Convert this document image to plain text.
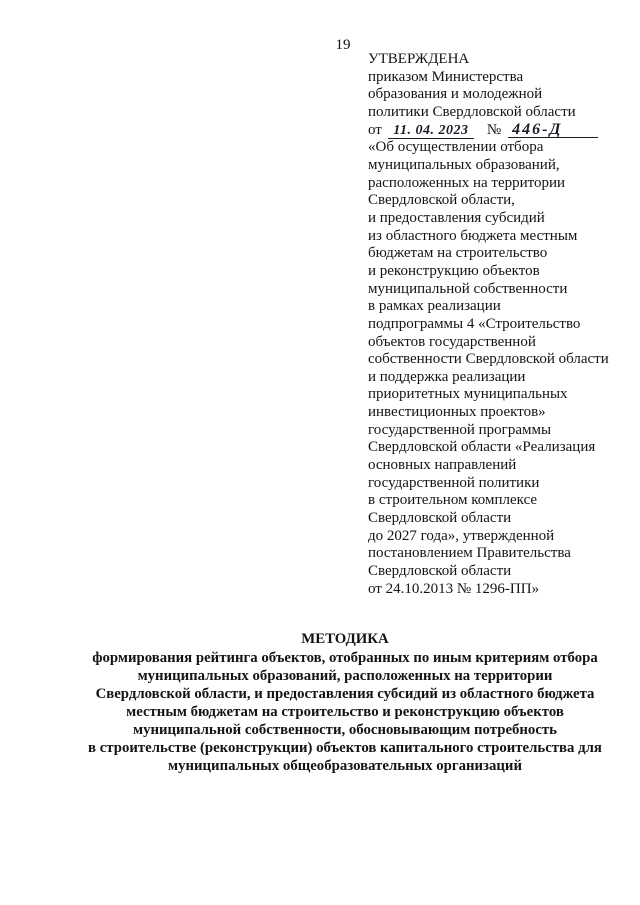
19
УТВЕРЖДЕНА
приказом Министерства
образования и молодежной
политики Свердловской области
от 11. 04. 2023 № 446-Д
«Об осуществлении отбора
муниципальных образований,
расположенных на территории
Свердловской области,
и предоставления субсидий
из областного бюджета местным
бюджетам на строительство
и реконструкцию объектов
муниципальной собственности
в рамках реализации
подпрограммы 4 «Строительство
объектов государственной
собственности Свердловской области
и поддержка реализации
приоритетных муниципальных
инвестиционных проектов»
государственной программы
Свердловской области «Реализация
основных направлений
государственной политики
в строительном комплексе
Свердловской области
до 2027 года», утвержденной
постановлением Правительства
Свердловской области
от 24.10.2013 № 1296-ПП»
МЕТОДИКА
формирования рейтинга объектов, отобранных по иным критериям отбора
муниципальных образований, расположенных на территории
Свердловской области, и предоставления субсидий из областного бюджета
местным бюджетам на строительство и реконструкцию объектов
муниципальной собственности, обосновывающим потребность
в строительстве (реконструкции) объектов капитального строительства для
муниципальных общеобразовательных организаций
